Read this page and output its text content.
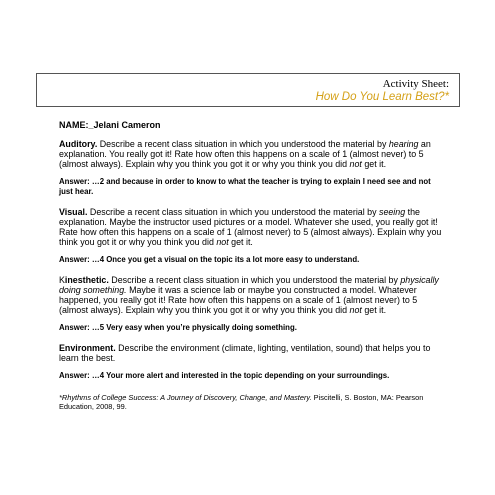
Activity Sheet:
How Do You Learn Best?*

NAME:_Jelani Cameron

Auditory. Describe a recent class situation in which you understood the material by hearing an explanation. You really got it! Rate how often this happens on a scale of 1 (almost never) to 5 (almost always). Explain why you think you got it or why you think you did not get it.

Answer: …2 and because in order to know to what the teacher is trying to explain I need see and not just hear.

Visual. Describe a recent class situation in which you understood the material by seeing the explanation. Maybe the instructor used pictures or a model. Whatever she used, you really got it! Rate how often this happens on a scale of 1 (almost never) to 5 (almost always). Explain why you think you got it or why you think you did not get it.

Answer: …4 Once you get a visual on the topic its a lot more easy to understand.

Kinesthetic. Describe a recent class situation in which you understood the material by physically doing something. Maybe it was a science lab or maybe you constructed a model. Whatever happened, you really got it! Rate how often this happens on a scale of 1 (almost never) to 5 (almost always). Explain why you think you got it or why you think you did not get it.

Answer: …5 Very easy when you’re physically doing something.

Environment. Describe the environment (climate, lighting, ventilation, sound) that helps you to learn the best.

Answer: …4 Your more alert and interested in the topic depending on your surroundings.

*Rhythms of College Success: A Journey of Discovery, Change, and Mastery. Piscitelli, S. Boston, MA: Pearson Education, 2008, 99.
